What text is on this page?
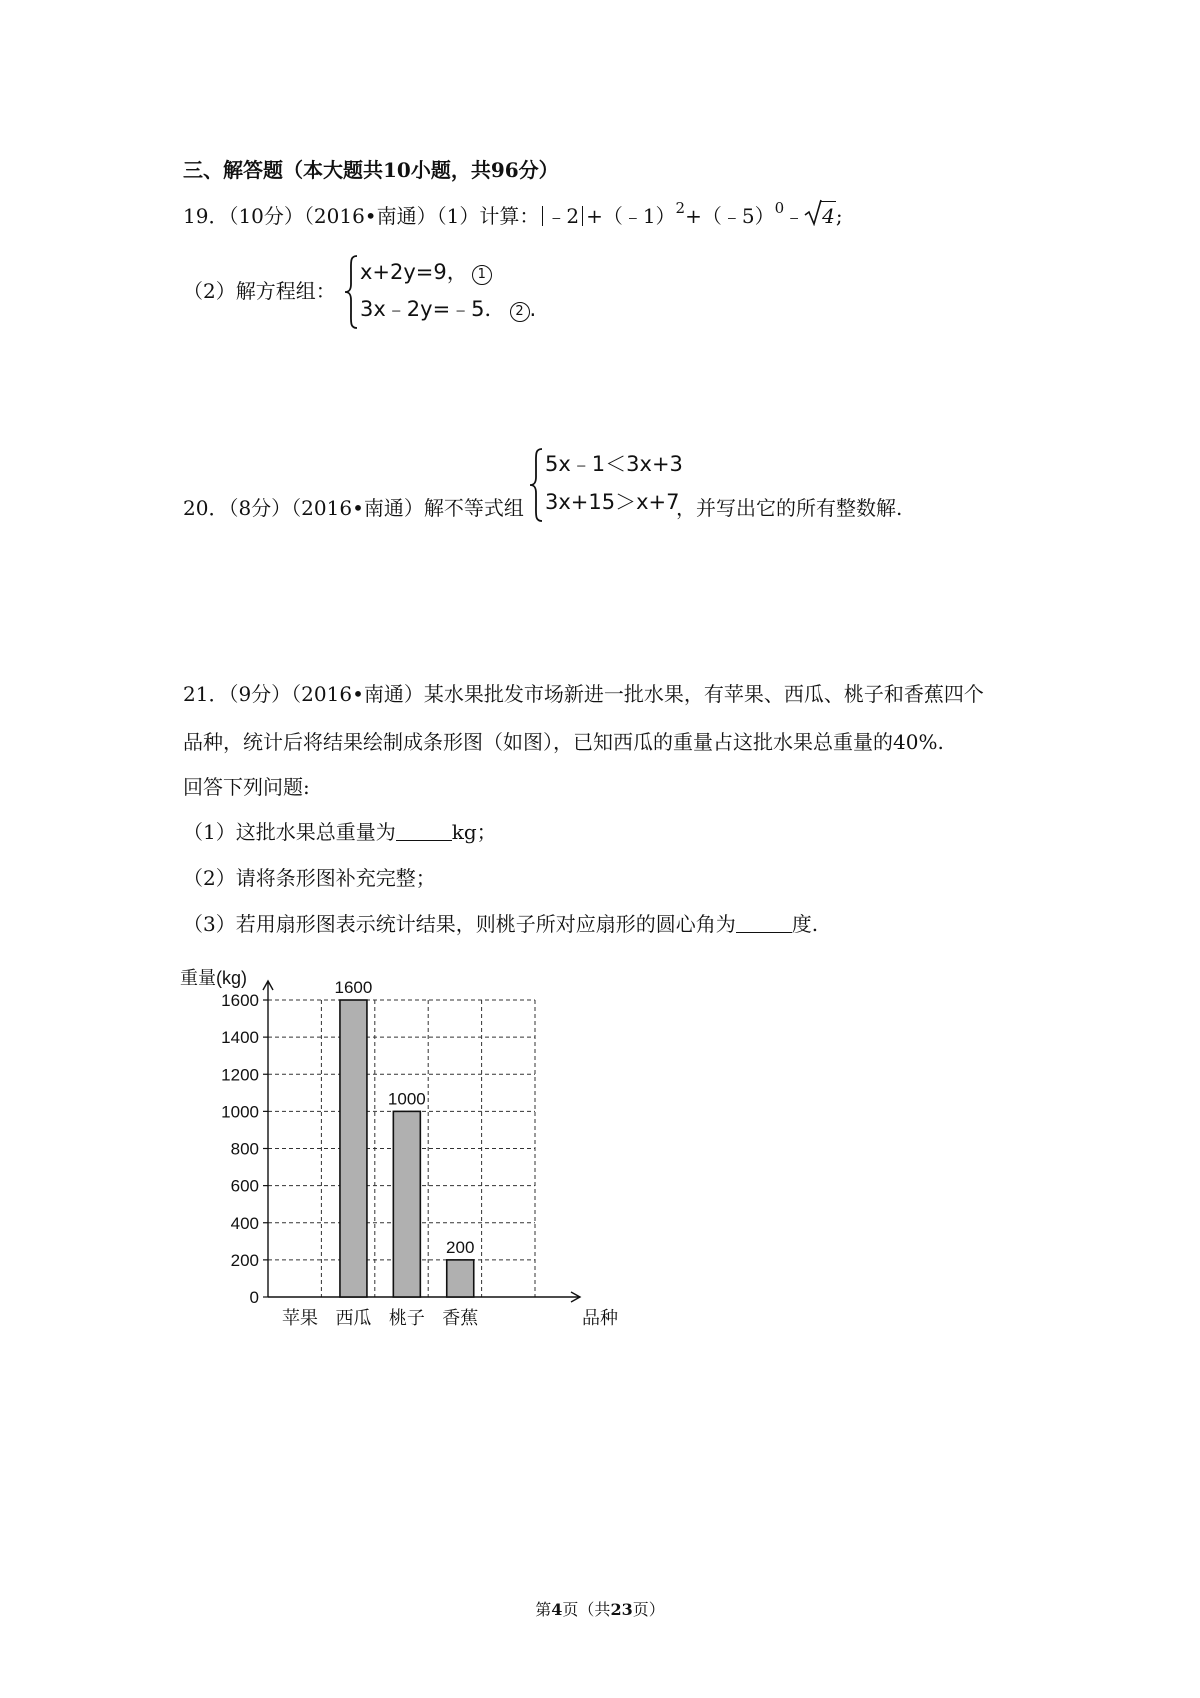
三、解答题（本大题共10小题，共96分）
19．（10分）（2016•南通）（1）计算： ﹣2 +（﹣1）$^2$+（﹣5）$^0$﹣ 4;
（2）解方程组：
x+2y=9， 1
3x﹣2y=﹣5． 2 .
20．（8分）（2016•南通）解不等式组
5x﹣1＜3x+3
3x+15＞x+7
，并写出它的所有整数解.
21．（9分）（2016•南通）某水果批发市场新进一批水果，有苹果、西瓜、桃子和香蕉四个
品种，统计后将结果绘制成条形图（如图），已知西瓜的重量占这批水果总重量的40%.
回答下列问题:
（1）这批水果总重量为	kg；
（2）请将条形图补充完整；
（3）若用扇形图表示统计结果，则桃子所对应扇形的圆心角为	度.
0
200
400
600
800
1000
1200
1400
1600
重量(kg)
苹果
1600
西瓜
1000
桃子
200
香蕉	品种
第4页（共23页）
